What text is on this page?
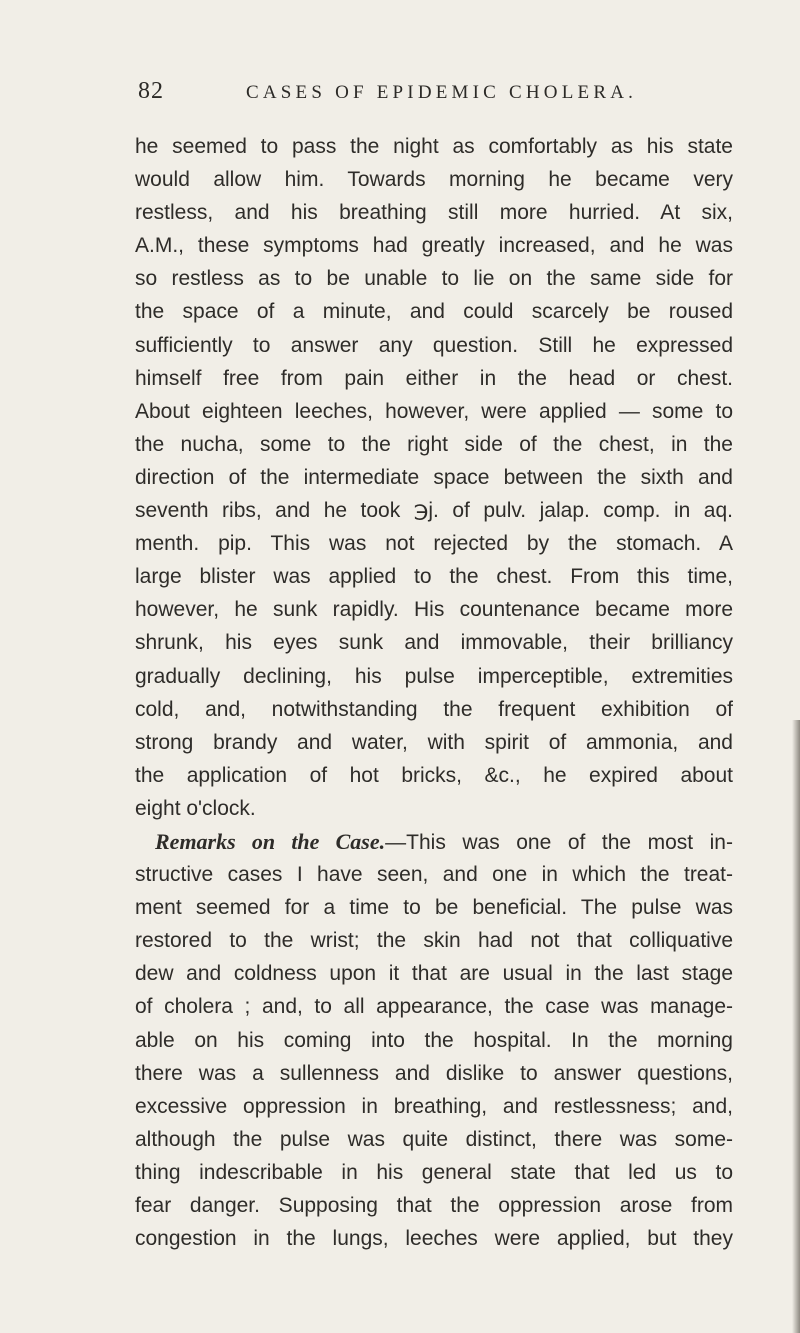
82	CASES OF EPIDEMIC CHOLERA.
he seemed to pass the night as comfortably as his state
would allow him. Towards morning he became very
restless, and his breathing still more hurried. At six,
A.M., these symptoms had greatly increased, and he was
so restless as to be unable to lie on the same side for
the space of a minute, and could scarcely be roused
sufficiently to answer any question. Still he expressed
himself free from pain either in the head or chest.
About eighteen leeches, however, were applied — some to
the nucha, some to the right side of the chest, in the
direction of the intermediate space between the sixth and
seventh ribs, and he took ℈j. of pulv. jalap. comp. in aq.
menth. pip. This was not rejected by the stomach. A
large blister was applied to the chest. From this time,
however, he sunk rapidly. His countenance became more
shrunk, his eyes sunk and immovable, their brilliancy
gradually declining, his pulse imperceptible, extremities
cold, and, notwithstanding the frequent exhibition of
strong brandy and water, with spirit of ammonia, and
the application of hot bricks, &c., he expired about
eight o'clock.
Remarks on the Case.—This was one of the most in-
structive cases I have seen, and one in which the treat-
ment seemed for a time to be beneficial. The pulse was
restored to the wrist; the skin had not that colliquative
dew and coldness upon it that are usual in the last stage
of cholera ; and, to all appearance, the case was manage-
able on his coming into the hospital. In the morning
there was a sullenness and dislike to answer questions,
excessive oppression in breathing, and restlessness; and,
although the pulse was quite distinct, there was some-
thing indescribable in his general state that led us to
fear danger. Supposing that the oppression arose from
congestion in the lungs, leeches were applied, but they
